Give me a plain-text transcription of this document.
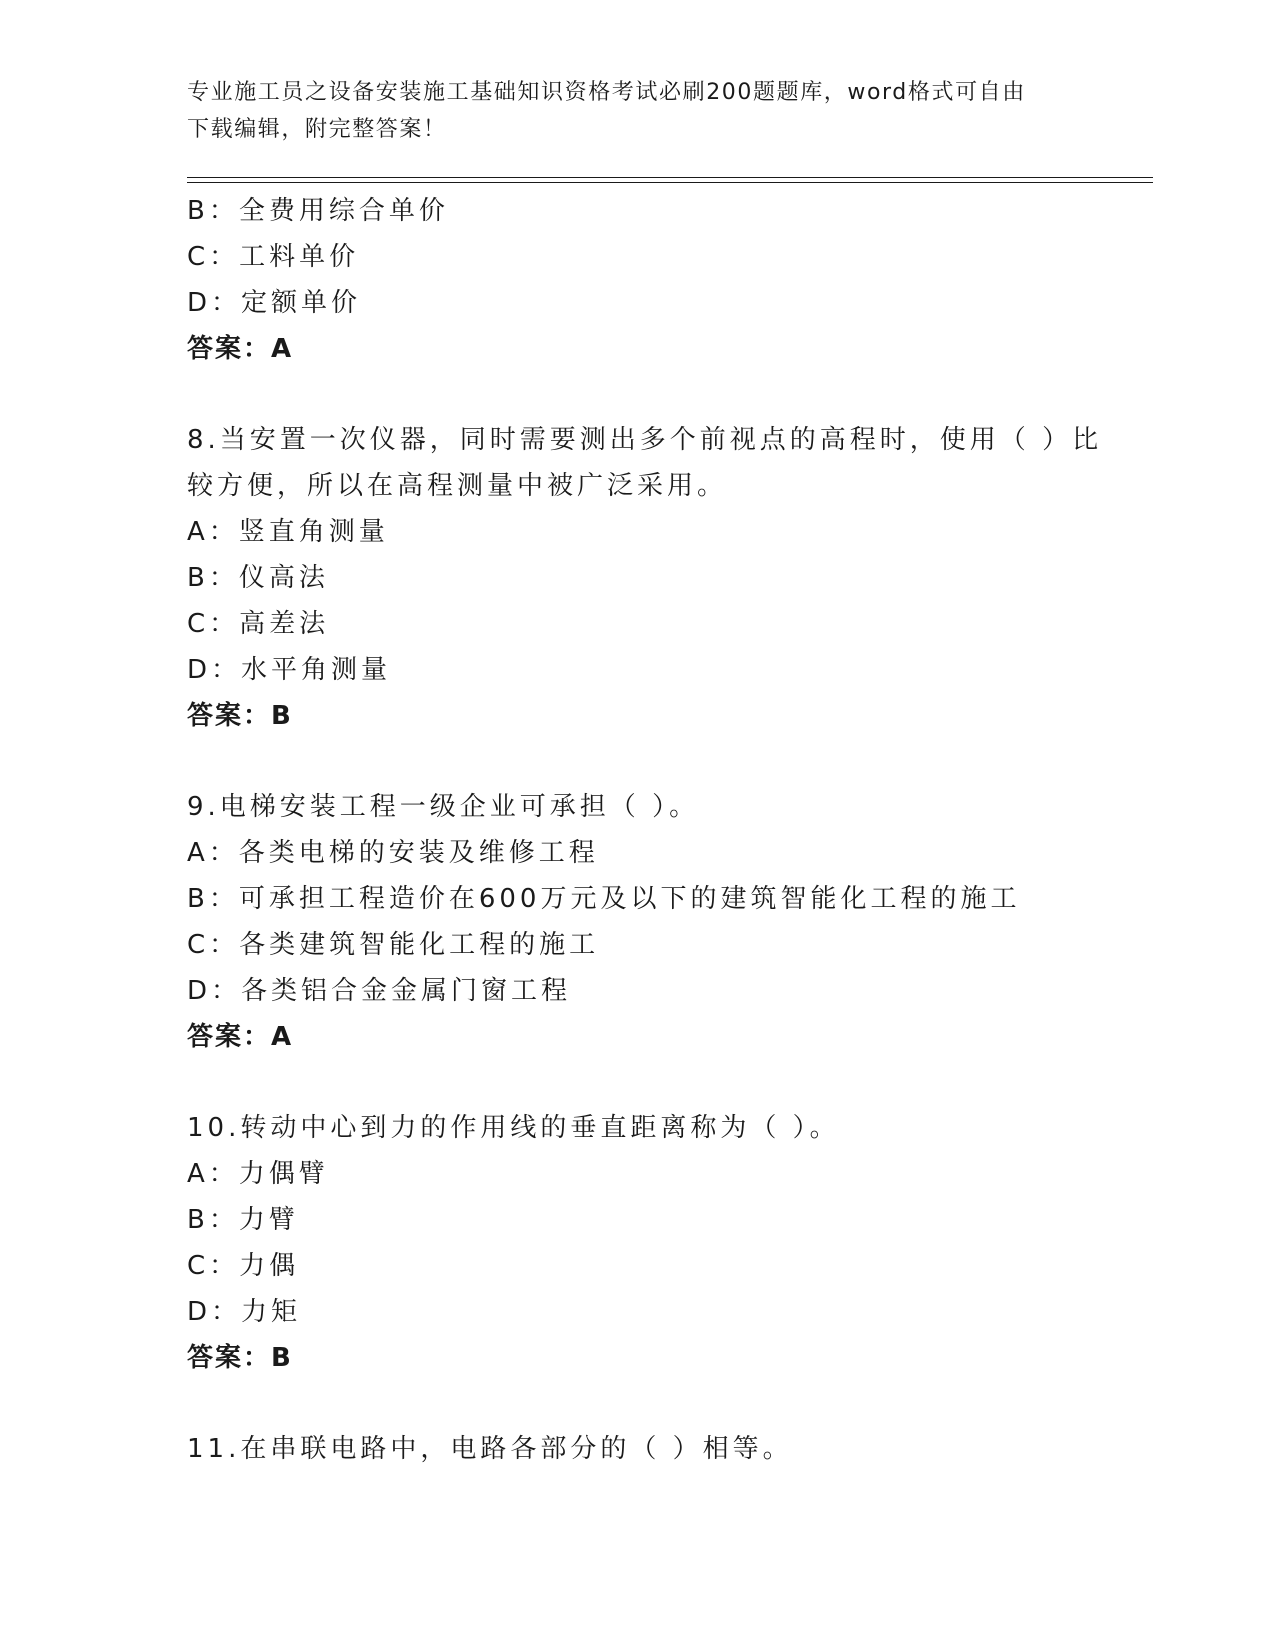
专业施工员之设备安装施工基础知识资格考试必刷200题题库，word格式可自由
下载编辑，附完整答案！
B：全费用综合单价
C：工料单价
D：定额单价
答案：A
8.当安置一次仪器，同时需要测出多个前视点的高程时，使用（ ）比
较方便，所以在高程测量中被广泛采用。
A：竖直角测量
B：仪高法
C：高差法
D：水平角测量
答案：B
9.电梯安装工程一级企业可承担（ ）。
A：各类电梯的安装及维修工程
B：可承担工程造价在600万元及以下的建筑智能化工程的施工
C：各类建筑智能化工程的施工
D：各类铝合金金属门窗工程
答案：A
10.转动中心到力的作用线的垂直距离称为（ ）。
A：力偶臂
B：力臂
C：力偶
D：力矩
答案：B
11.在串联电路中，电路各部分的（ ）相等。
